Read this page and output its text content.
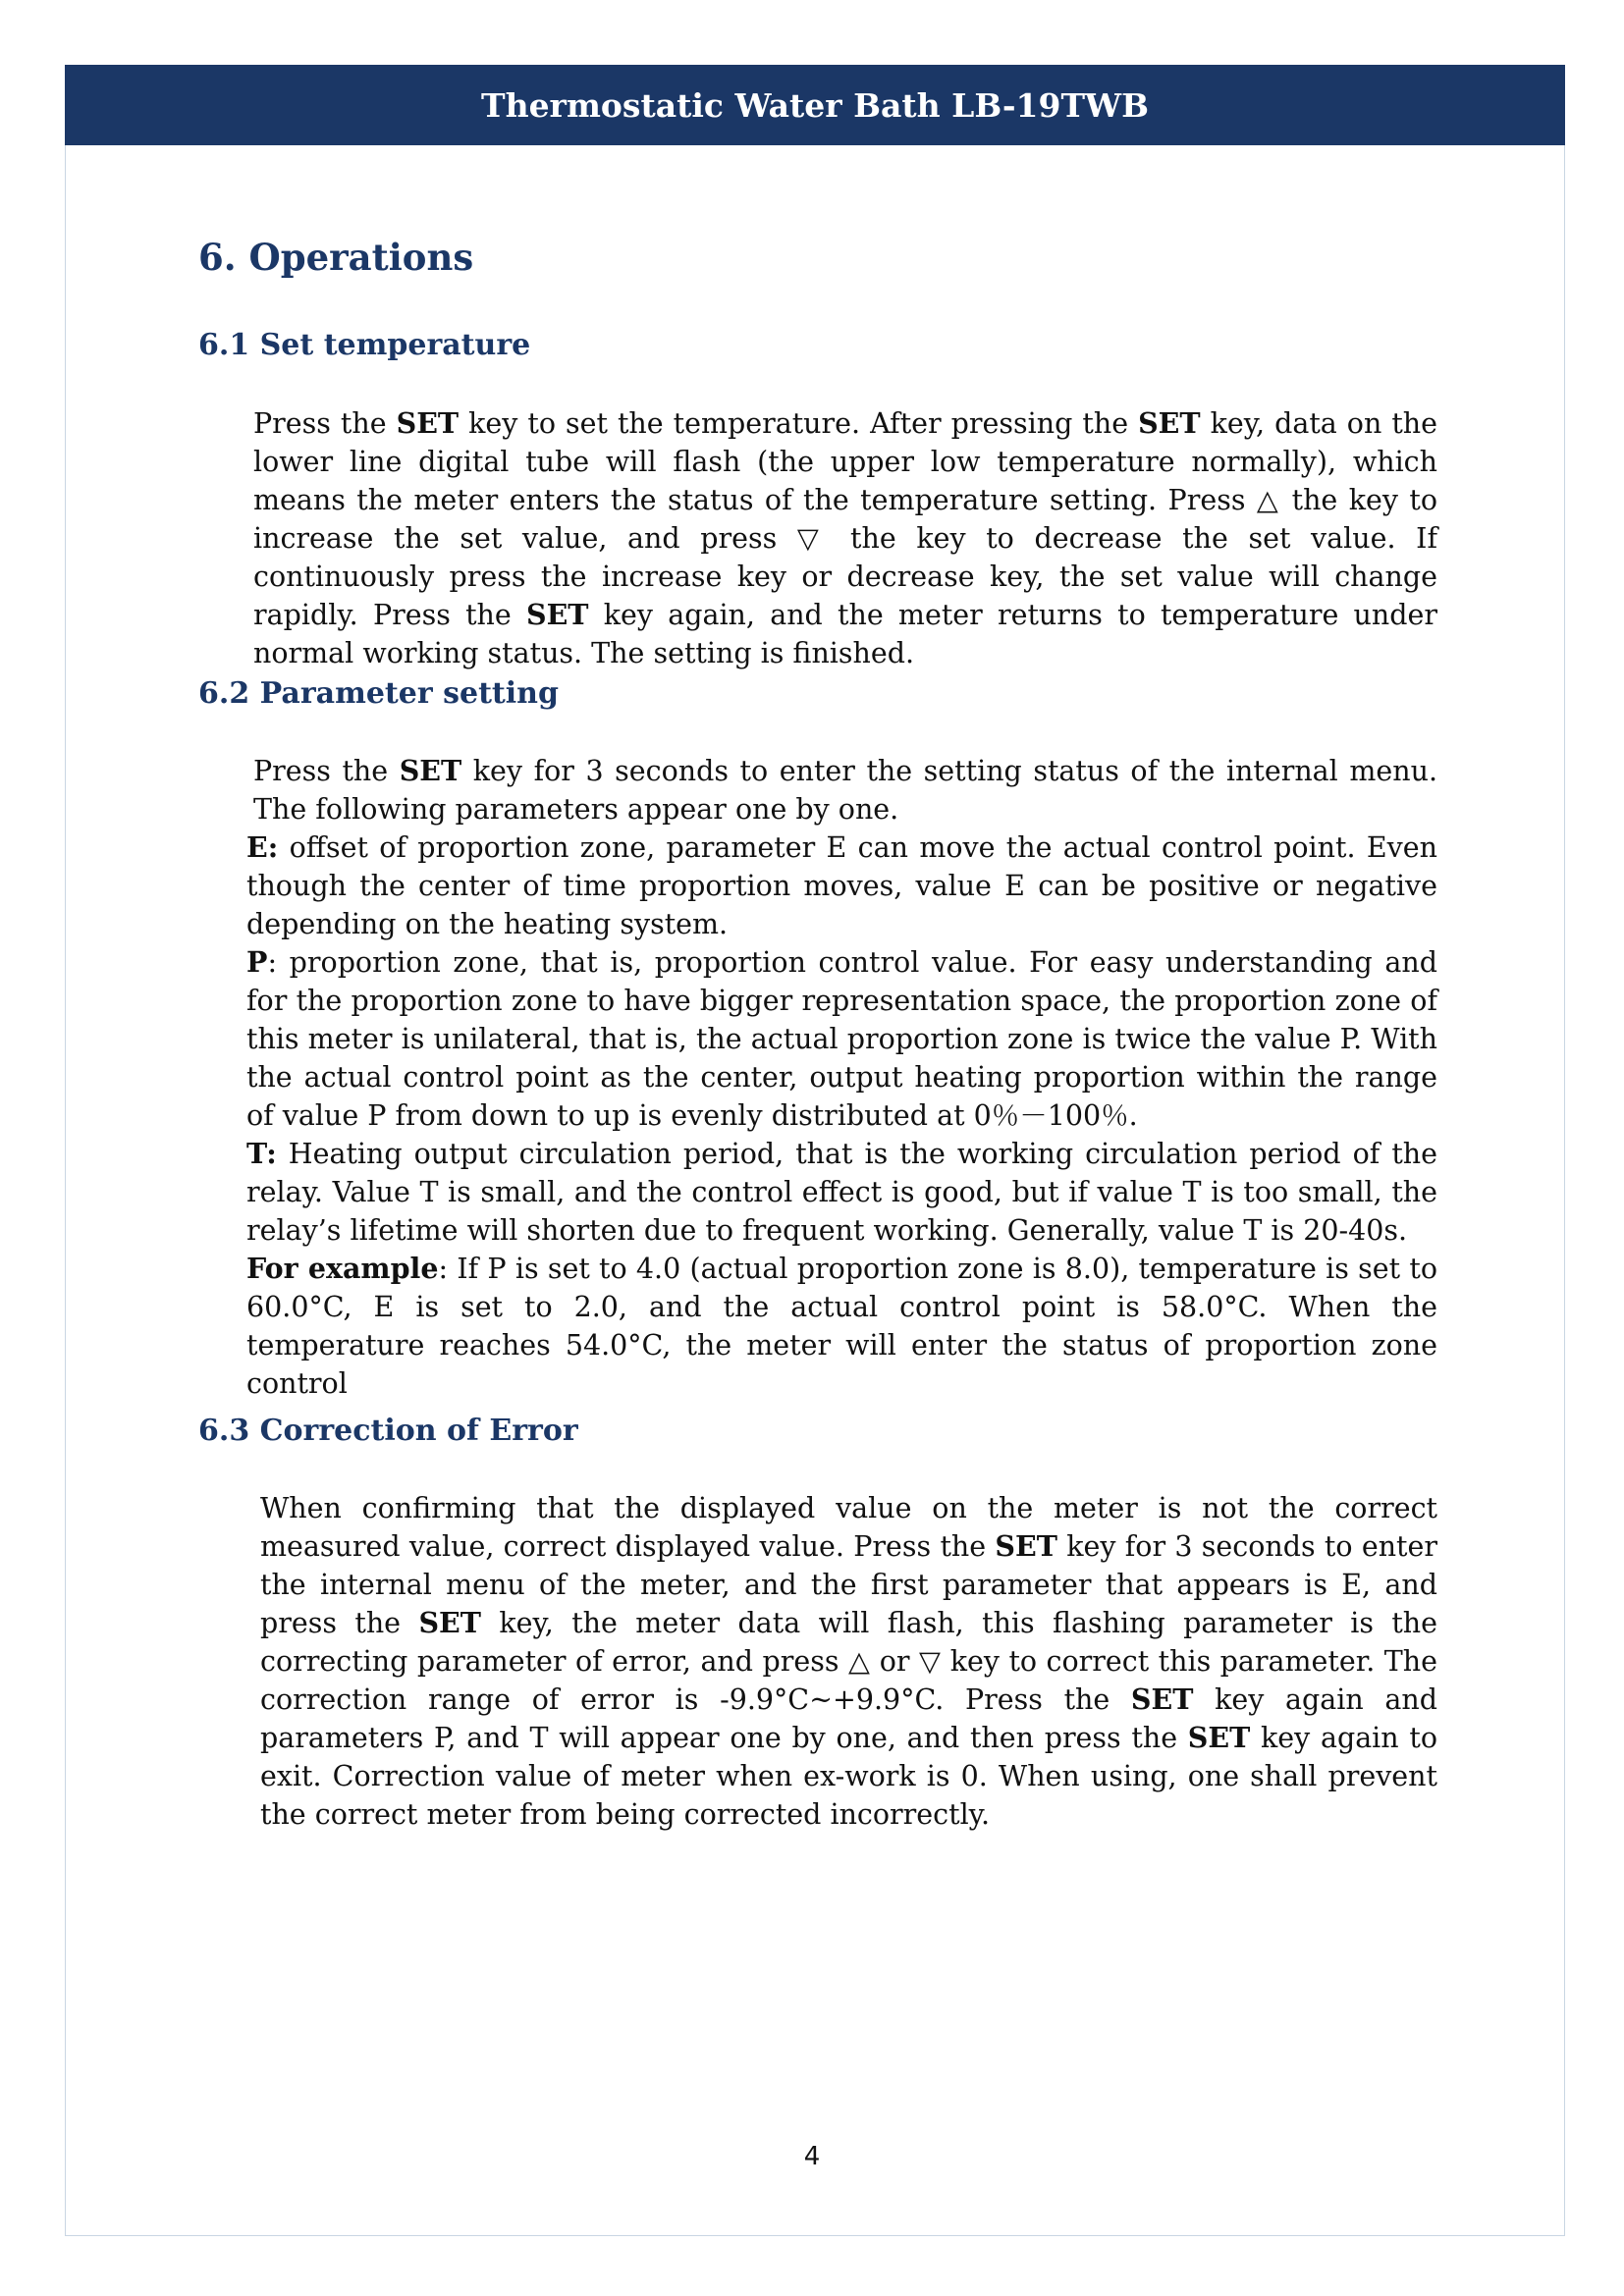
Thermostatic Water Bath LB-19TWB
6. Operations
6.1 Set temperature

Press the SET key to set the temperature. After pressing the SET key, data on the lower line digital tube will flash (the upper low temperature normally), which means the meter enters the status of the temperature setting. Press △ the key to increase the set value, and press ▽ the key to decrease the set value. If continuously press the increase key or decrease key, the set value will change rapidly. Press the SET key again, and the meter returns to temperature under normal working status. The setting is finished.

6.2 Parameter setting

Press the SET key for 3 seconds to enter the setting status of the internal menu. The following parameters appear one by one.

E: offset of proportion zone, parameter E can move the actual control point. Even though the center of time proportion moves, value E can be positive or negative depending on the heating system.

P: proportion zone, that is, proportion control value. For easy understanding and for the proportion zone to have bigger representation space, the proportion zone of this meter is unilateral, that is, the actual proportion zone is twice the value P. With the actual control point as the center, output heating proportion within the range of value P from down to up is evenly distributed at 0％－100％.

T: Heating output circulation period, that is the working circulation period of the relay. Value T is small, and the control effect is good, but if value T is too small, the relay’s lifetime will shorten due to frequent working. Generally, value T is 20-40s.

For example: If P is set to 4.0 (actual proportion zone is 8.0), temperature is set to 60.0°C, E is set to 2.0, and the actual control point is 58.0°C. When the temperature reaches 54.0°C, the meter will enter the status of proportion zone control

6.3 Correction of Error

When confirming that the displayed value on the meter is not the correct measured value, correct displayed value. Press the SET key for 3 seconds to enter the internal menu of the meter, and the first parameter that appears is E, and press the SET key, the meter data will flash, this flashing parameter is the correcting parameter of error, and press △ or ▽ key to correct this parameter. The correction range of error is -9.9°C~+9.9°C. Press the SET key again and parameters P, and T will appear one by one, and then press the SET key again to exit. Correction value of meter when ex-work is 0. When using, one shall prevent the correct meter from being corrected incorrectly.

4
